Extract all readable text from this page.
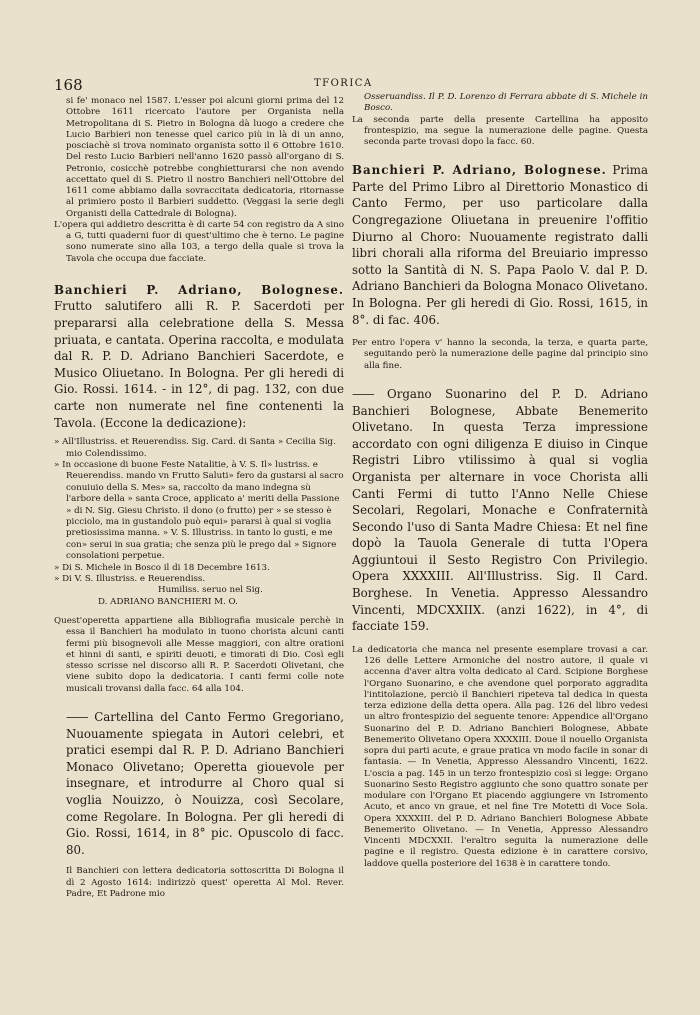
168	TFORICA

si fe' monaco nel 1587. L'esser poi alcuni giorni prima del 12 Ottobre 1611 ricercato l'autore per Organista nella Metropolitana di S. Pietro in Bologna dà luogo a credere che Lucio Barbieri non tenesse quel carico più in là di un anno, posciachè si trova nominato organista sotto il 6 Ottobre 1610. Del resto Lucio Barbieri nell'anno 1620 passò all'organo di S. Petronio, cosicchè potrebbe conghietturarsi che non avendo accettato quel di S. Pietro il nostro Banchieri nell'Ottobre del 1611 come abbiamo dalla sovraccitata dedicatoria, ritornasse al primiero posto il Barbieri suddetto. (Veggasi la serie degli Organisti della Cattedrale di Bologna).

L'opera qui addietro descritta è di carte 54 con registro da A sino a G, tutti quaderni fuor di quest'ultimo che è terno. Le pagine sono numerate sino alla 103, a tergo della quale si trova la Tavola che occupa due facciate.

Banchieri P. Adriano, Bolognese. Frutto salutifero alli R. P. Sacerdoti per prepararsi alla celebratione della S. Messa priuata, e cantata. Operina raccolta, e modulata dal R. P. D. Adriano Banchieri Sacerdote, e Musico Oliuetano. In Bologna. Per gli heredi di Gio. Rossi. 1614. - in 12°, di pag. 132, con due carte non numerate nel fine contenenti la Tavola. (Eccone la dedicazione):

» All'Illustriss. et Reuerendiss. Sig. Card. di Santa » Cecilia Sig. mio Colendissimo.

» In occasione di buone Feste Natalitie, à V. S. Il» lustriss. e Reuerendiss. mando vn Frutto Saluti» fero da gustarsi al sacro conuiuio della S. Mes» sa, raccolto da mano indegna sù l'arbore della » santa Croce, applicato a' meriti della Passione » di N. Sig. Giesu Christo. il dono (o frutto) per » se stesso è picciolo, ma in gustandolo può equi» pararsi à qual si voglia pretiosissima manna. » V. S. Illustriss. in tanto lo gusti, e me con» serui in sua gratia; che senza più le prego dal » Signore consolationi perpetue.

» Di S. Michele in Bosco il di 18 Decembre 1613.

» Di V. S. Illustriss. e Reuerendiss.

Humiliss. seruo nel Sig.

D. ADRIANO BANCHIERI M. O.

Quest'operetta appartiene alla Bibliografia musicale perchè in essa il Banchieri ha modulato in tuono chorista alcuni canti fermi più bisognevoli alle Messe maggiori, con altre orationi et hinni di santi, e spiriti deuoti, e timorati di Dio. Così egli stesso scrisse nel discorso alli R. P. Sacerdoti Olivetani, che viene subito dopo la dedicatoria. I canti fermi colle note musicali trovansi dalla facc. 64 alla 104.

—— Cartellina del Canto Fermo Gregoriano, Nuouamente spiegata in Autori celebri, et pratici esempi dal R. P. D. Adriano Banchieri Monaco Olivetano; Operetta giouevole per insegnare, et introdurre al Choro qual si voglia Nouizzo, ò Nouizza, così Secolare, come Regolare. In Bologna. Per gli heredi di Gio. Rossi, 1614, in 8° pic. Opuscolo di facc. 80.

Il Banchieri con lettera dedicatoria sottoscritta Di Bologna il dì 2 Agosto 1614: indirizzò quest' operetta Al Mol. Rever. Padre, Et Padrone mio

Osseruandiss. Il P. D. Lorenzo di Ferrara abbate di S. Michele in Bosco.

La seconda parte della presente Cartellina ha apposito frontespizio, ma segue la numerazione delle pagine. Questa seconda parte trovasi dopo la facc. 60.

Banchieri P. Adriano, Bolognese. Prima Parte del Primo Libro al Direttorio Monastico di Canto Fermo, per uso particolare dalla Congregazione Oliuetana in preuenire l'offitio Diurno al Choro: Nuouamente registrato dalli libri chorali alla riforma del Breuiario impresso sotto la Santità di N. S. Papa Paolo V. dal P. D. Adriano Banchieri da Bologna Monaco Olivetano. In Bologna. Per gli heredi di Gio. Rossi, 1615, in 8°. di fac. 406.

Per entro l'opera v' hanno la seconda, la terza, e quarta parte, seguitando però la numerazione delle pagine dal principio sino alla fine.

—— Organo Suonarino del P. D. Adriano Banchieri Bolognese, Abbate Benemerito Olivetano. In questa Terza impressione accordato con ogni diligenza E diuiso in Cinque Registri Libro vtilissimo à qual si voglia Organista per alternare in voce Chorista alli Canti Fermi di tutto l'Anno Nelle Chiese Secolari, Regolari, Monache e Confraternità Secondo l'uso di Santa Madre Chiesa: Et nel fine dopò la Tauola Generale di tutta l'Opera Aggiuntoui il Sesto Registro Con Privilegio. Opera XXXXIII. All'Illustriss. Sig. Il Card. Borghese. In Venetia. Appresso Alessandro Vincenti, MDCXXIIX. (anzi 1622), in 4°, di facciate 159.

La dedicatoria che manca nel presente esemplare trovasi a car. 126 delle Lettere Armoniche del nostro autore, il quale vi accenna d'aver altra volta dedicato al Card. Scipione Borghese l'Organo Suonarino, e che avendone quel porporato aggradita l'intitolazione, perciò il Banchieri ripeteva tal dedica in questa terza edizione della detta opera. Alla pag. 126 del libro vedesi un altro frontespizio del seguente tenore: Appendice all'Organo Suonarino del P. D. Adriano Banchieri Bolognese, Abbate Benemerito Olivetano Opera XXXXIII. Doue il nouello Organista sopra dui parti acute, e graue pratica vn modo facile in sonar di fantasia. — In Venetia, Appresso Alessandro Vincenti, 1622. L'oscia a pag. 145 in un terzo frontespizio così si legge: Organo Suonarino Sesto Registro aggiunto che sono quattro sonate per modulare con l'Organo Et piacendo aggiungere vn Istromento Acuto, et anco vn graue, et nel fine Tre Motetti di Voce Sola. Opera XXXXIII. del P. D. Adriano Banchieri Bolognese Abbate Benemerito Olivetano. — In Venetia, Appresso Alessandro Vincenti MDCXXII. l'eraltro seguita la numerazione delle pagine e il registro. Questa edizione è in carattere corsivo, laddove quella posteriore del 1638 è in carattere tondo.
